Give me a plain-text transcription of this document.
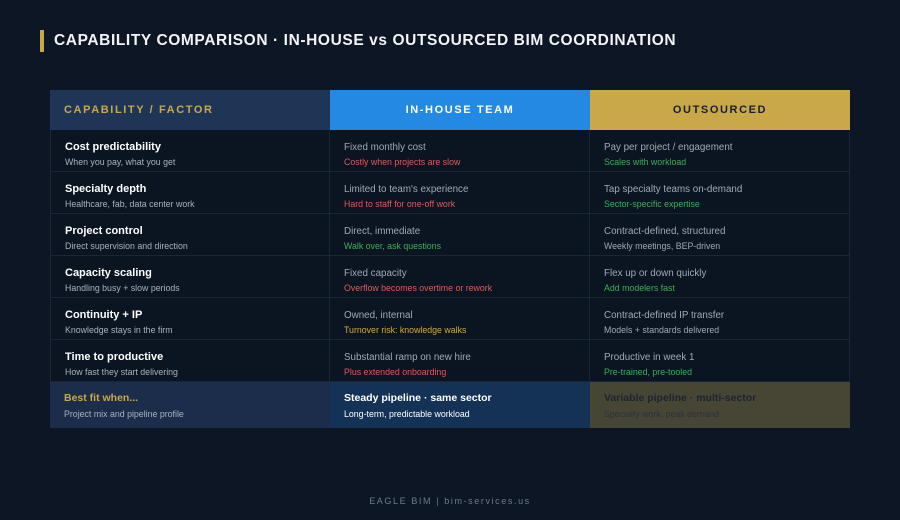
CAPABILITY COMPARISON · IN-HOUSE vs OUTSOURCED BIM COORDINATION
CAPABILITY / FACTOR	IN-HOUSE TEAM	OUTSOURCED
Cost predictability
When you pay, what you get
Fixed monthly cost
Costly when projects are slow
Pay per project / engagement
Scales with workload
Specialty depth
Healthcare, fab, data center work
Limited to team's experience
Hard to staff for one-off work
Tap specialty teams on-demand
Sector-specific expertise
Project control
Direct supervision and direction
Direct, immediate
Walk over, ask questions
Contract-defined, structured
Weekly meetings, BEP-driven
Capacity scaling
Handling busy + slow periods
Fixed capacity
Overflow becomes overtime or rework
Flex up or down quickly
Add modelers fast
Continuity + IP
Knowledge stays in the firm
Owned, internal
Turnover risk: knowledge walks
Contract-defined IP transfer
Models + standards delivered
Time to productive
How fast they start delivering
Substantial ramp on new hire
Plus extended onboarding
Productive in week 1
Pre-trained, pre-tooled
Best fit when...
Project mix and pipeline profile
Steady pipeline · same sector
Long-term, predictable workload
Variable pipeline · multi-sector
Specialty work, peak demand
EAGLE BIM | bim-services.us
